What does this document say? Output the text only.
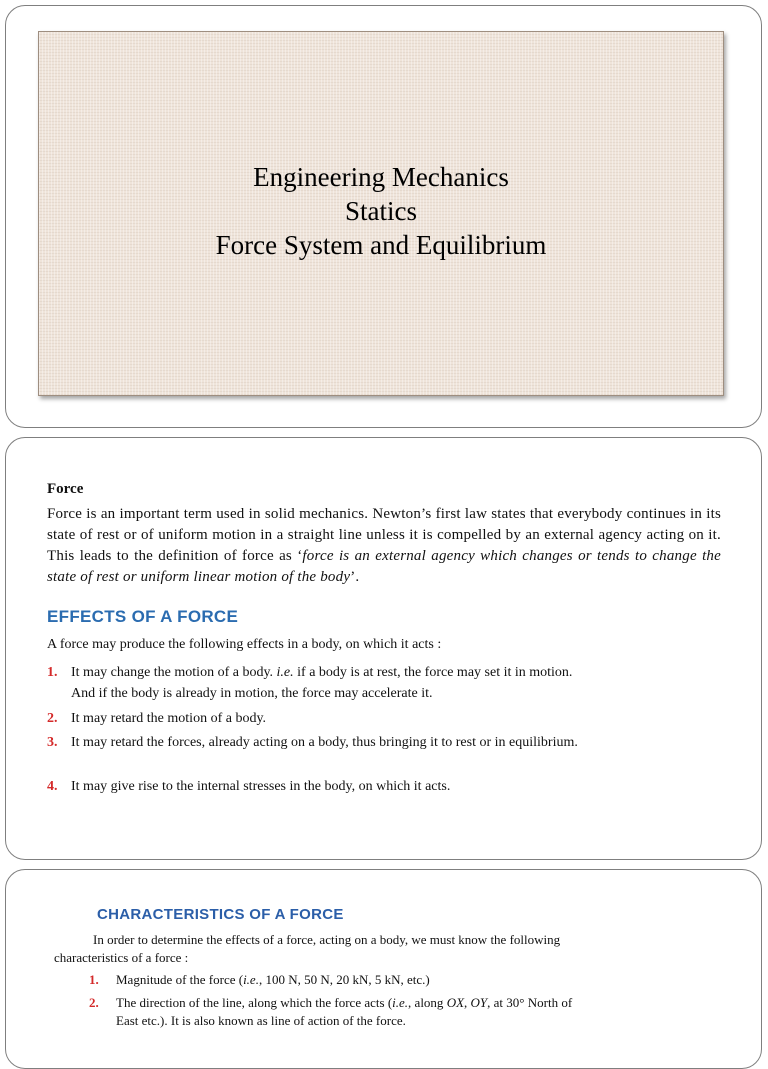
Engineering Mechanics
Statics
Force System and Equilibrium
Force
Force is an important term used in solid mechanics. Newton’s first law states that everybody continues in its state of rest or of uniform motion in a straight line unless it is compelled by an external agency acting on it. This leads to the definition of force as ‘force is an external agency which changes or tends to change the state of rest or uniform linear motion of the body’.
EFFECTS OF A FORCE
A force may produce the following effects in a body, on which it acts :
1. It may change the motion of a body. i.e. if a body is at rest, the force may set it in motion.
And if the body is already in motion, the force may accelerate it.
2. It may retard the motion of a body.
3. It may retard the forces, already acting on a body, thus bringing it to rest or in equilibrium.
4. It may give rise to the internal stresses in the body, on which it acts.
CHARACTERISTICS OF A FORCE
In order to determine the effects of a force, acting on a body, we must know the following
characteristics of a force :
1. Magnitude of the force (i.e., 100 N, 50 N, 20 kN, 5 kN, etc.)
2. The direction of the line, along which the force acts (i.e., along OX, OY, at 30° North of
East etc.). It is also known as line of action of the force.
